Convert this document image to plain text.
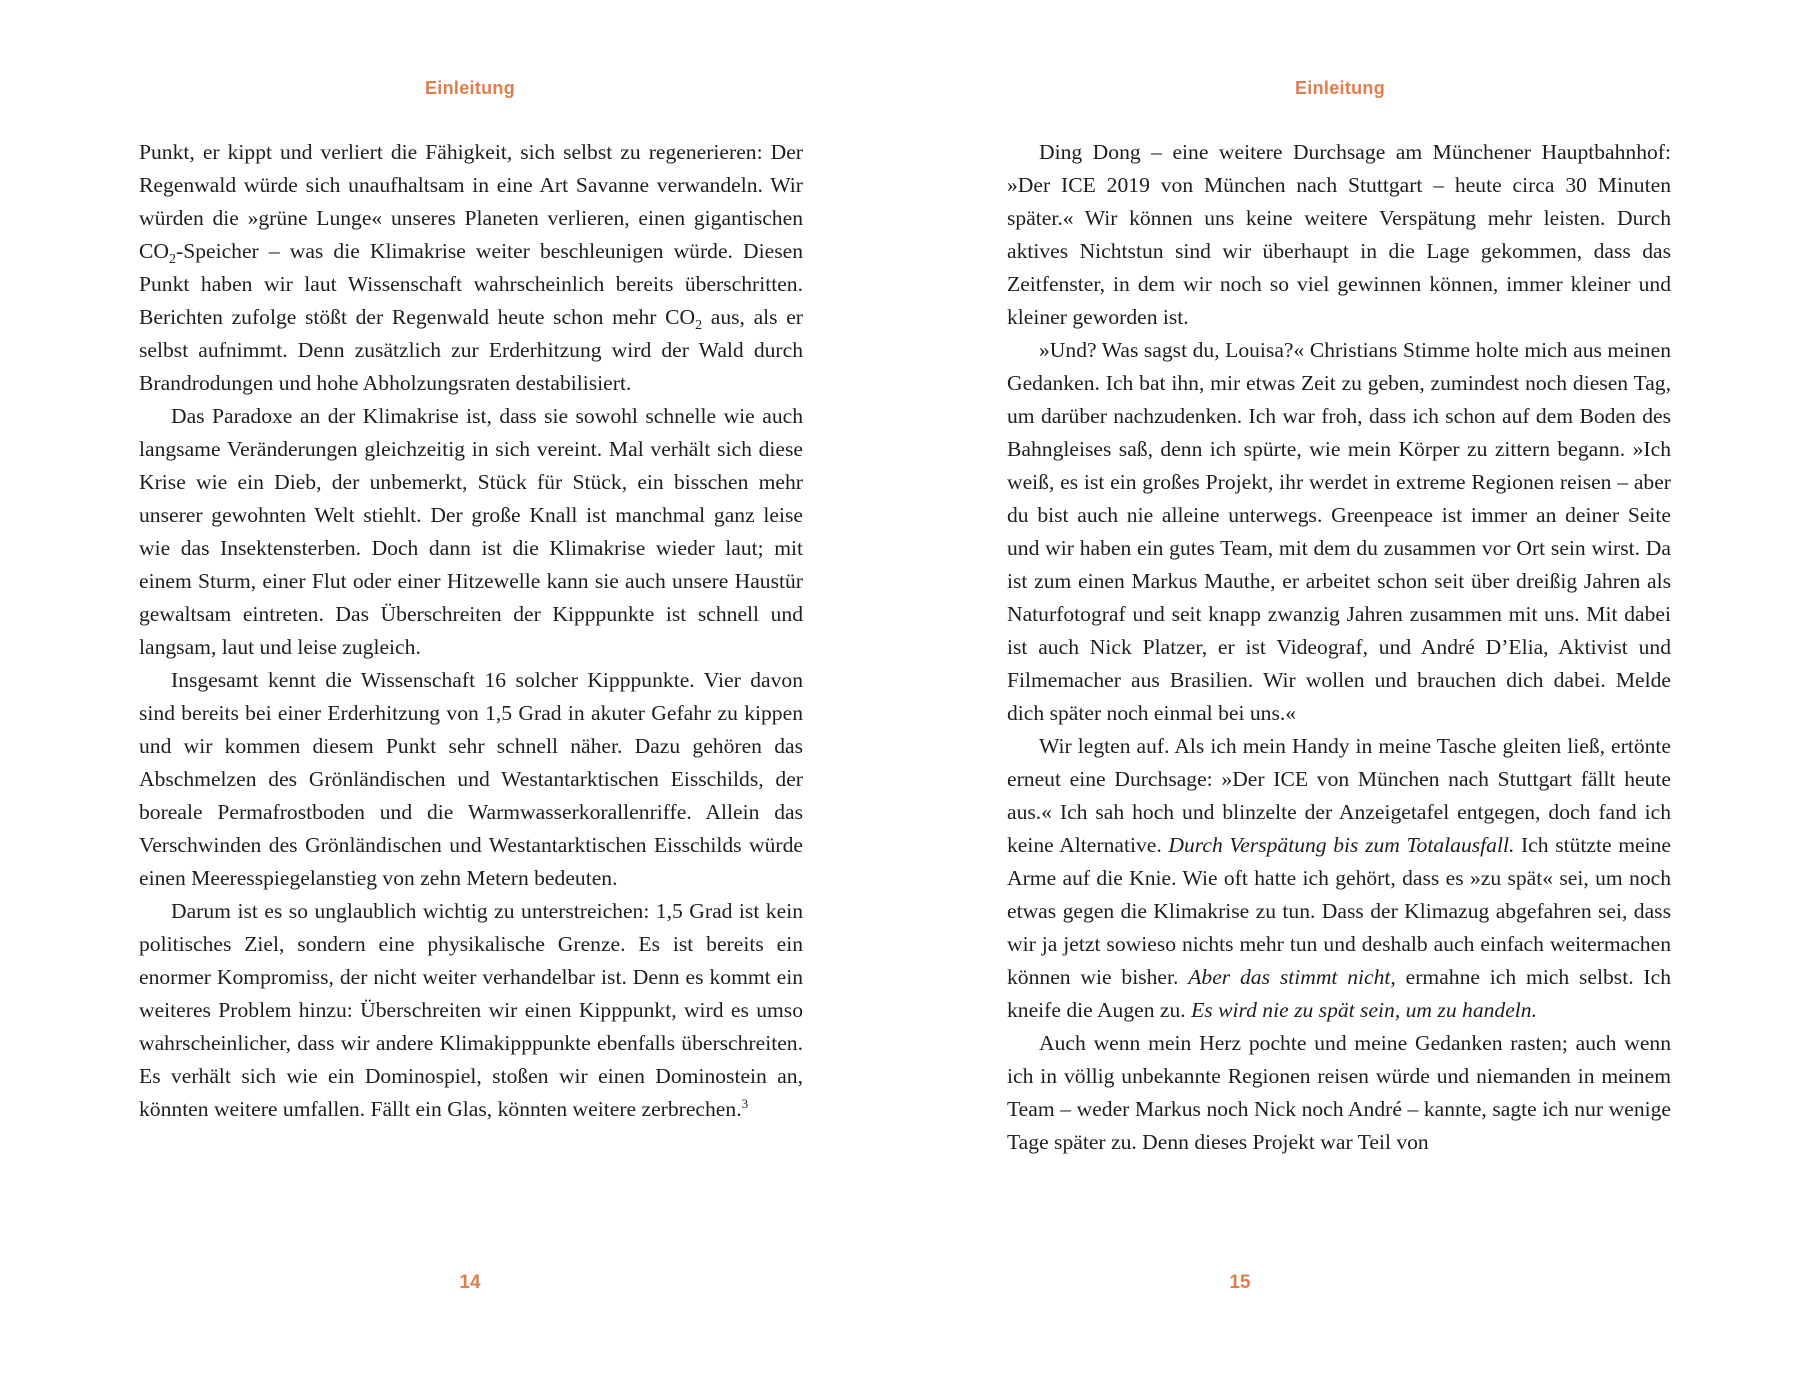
Einleitung

Punkt, er kippt und verliert die Fähigkeit, sich selbst zu regenerieren: Der Regenwald würde sich unaufhaltsam in eine Art Savanne verwandeln. Wir würden die »grüne Lunge« unseres Planeten verlieren, einen gigantischen $CO_2$-Speicher – was die Klimakrise weiter beschleunigen würde. Diesen Punkt haben wir laut Wissenschaft wahrscheinlich bereits überschritten. Berichten zufolge stößt der Regenwald heute schon mehr $CO_2$ aus, als er selbst aufnimmt. Denn zusätzlich zur Erderhitzung wird der Wald durch Brandrodungen und hohe Abholzungsraten destabilisiert.

Das Paradoxe an der Klimakrise ist, dass sie sowohl schnelle wie auch langsame Veränderungen gleichzeitig in sich vereint. Mal verhält sich diese Krise wie ein Dieb, der unbemerkt, Stück für Stück, ein bisschen mehr unserer gewohnten Welt stiehlt. Der große Knall ist manchmal ganz leise wie das Insektensterben. Doch dann ist die Klimakrise wieder laut; mit einem Sturm, einer Flut oder einer Hitzewelle kann sie auch unsere Haustür gewaltsam eintreten. Das Überschreiten der Kipppunkte ist schnell und langsam, laut und leise zugleich.

Insgesamt kennt die Wissenschaft 16 solcher Kipppunkte. Vier davon sind bereits bei einer Erderhitzung von 1,5 Grad in akuter Gefahr zu kippen und wir kommen diesem Punkt sehr schnell näher. Dazu gehören das Abschmelzen des Grönländischen und Westantarktischen Eisschilds, der boreale Permafrostboden und die Warmwasserkorallenriffe. Allein das Verschwinden des Grönländischen und Westantarktischen Eisschilds würde einen Meeresspiegelanstieg von zehn Metern bedeuten.

Darum ist es so unglaublich wichtig zu unterstreichen: 1,5 Grad ist kein politisches Ziel, sondern eine physikalische Grenze. Es ist bereits ein enormer Kompromiss, der nicht weiter verhandelbar ist. Denn es kommt ein weiteres Problem hinzu: Überschreiten wir einen Kipppunkt, wird es umso wahrscheinlicher, dass wir andere Klimakipppunkte ebenfalls überschreiten. Es verhält sich wie ein Dominospiel, stoßen wir einen Dominostein an, könnten weitere umfallen. Fällt ein Glas, könnten weitere zerbrechen.$^3$

14
Einleitung

Ding Dong – eine weitere Durchsage am Münchener Hauptbahnhof: »Der ICE 2019 von München nach Stuttgart – heute circa 30 Minuten später.« Wir können uns keine weitere Verspätung mehr leisten. Durch aktives Nichtstun sind wir überhaupt in die Lage gekommen, dass das Zeitfenster, in dem wir noch so viel gewinnen können, immer kleiner und kleiner geworden ist.

»Und? Was sagst du, Louisa?« Christians Stimme holte mich aus meinen Gedanken. Ich bat ihn, mir etwas Zeit zu geben, zumindest noch diesen Tag, um darüber nachzudenken. Ich war froh, dass ich schon auf dem Boden des Bahngleises saß, denn ich spürte, wie mein Körper zu zittern begann. »Ich weiß, es ist ein großes Projekt, ihr werdet in extreme Regionen reisen – aber du bist auch nie alleine unterwegs. Greenpeace ist immer an deiner Seite und wir haben ein gutes Team, mit dem du zusammen vor Ort sein wirst. Da ist zum einen Markus Mauthe, er arbeitet schon seit über dreißig Jahren als Naturfotograf und seit knapp zwanzig Jahren zusammen mit uns. Mit dabei ist auch Nick Platzer, er ist Videograf, und André D’Elia, Aktivist und Filmemacher aus Brasilien. Wir wollen und brauchen dich dabei. Melde dich später noch einmal bei uns.«

Wir legten auf. Als ich mein Handy in meine Tasche gleiten ließ, ertönte erneut eine Durchsage: »Der ICE von München nach Stuttgart fällt heute aus.« Ich sah hoch und blinzelte der Anzeigetafel entgegen, doch fand ich keine Alternative. Durch Verspätung bis zum Totalausfall. Ich stützte meine Arme auf die Knie. Wie oft hatte ich gehört, dass es »zu spät« sei, um noch etwas gegen die Klimakrise zu tun. Dass der Klimazug abgefahren sei, dass wir ja jetzt sowieso nichts mehr tun und deshalb auch einfach weitermachen können wie bisher. Aber das stimmt nicht, ermahne ich mich selbst. Ich kneife die Augen zu. Es wird nie zu spät sein, um zu handeln.

Auch wenn mein Herz pochte und meine Gedanken rasten; auch wenn ich in völlig unbekannte Regionen reisen würde und niemanden in meinem Team – weder Markus noch Nick noch André – kannte, sagte ich nur wenige Tage später zu. Denn dieses Projekt war Teil von

15
